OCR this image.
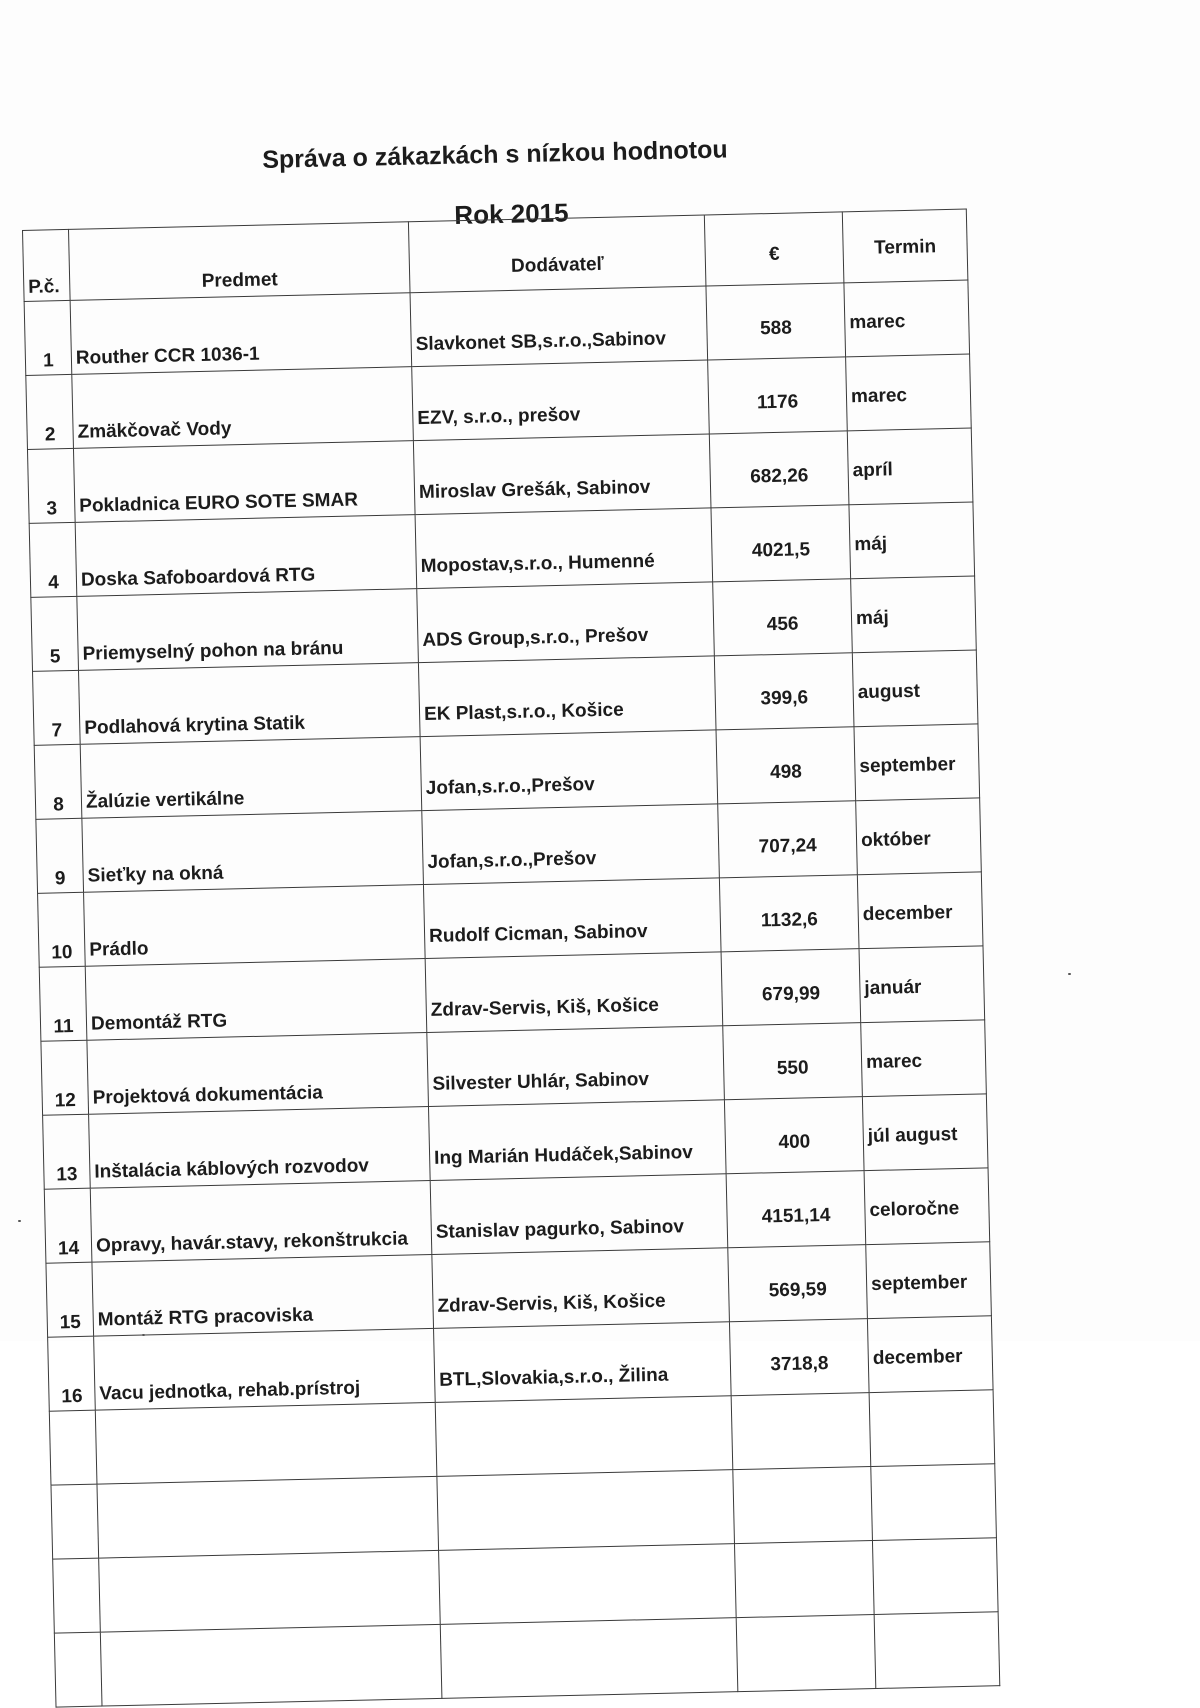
Správa o zákazkách s nízkou hodnotou
Rok 2015
P.č.	Predmet	Dodávateľ	€	Termin
1	Routher CCR 1036-1	Slavkonet SB,s.r.o.,Sabinov	588	marec
2	Zmäkčovač Vody	EZV, s.r.o., prešov	1176	marec
3	Pokladnica EURO SOTE SMAR	Miroslav Grešák, Sabinov	682,26	apríl
4	Doska Safoboardová RTG	Mopostav,s.r.o., Humenné	4021,5	máj
5	Priemyselný pohon na bránu	ADS Group,s.r.o., Prešov	456	máj
7	Podlahová krytina Statik	EK Plast,s.r.o., Košice	399,6	august
8	Žalúzie vertikálne	Jofan,s.r.o.,Prešov	498	september
9	Sieťky na okná	Jofan,s.r.o.,Prešov	707,24	október
10	Prádlo	Rudolf Cicman, Sabinov	1132,6	december
11	Demontáž RTG	Zdrav-Servis, Kiš, Košice	679,99	január
12	Projektová dokumentácia	Silvester Uhlár, Sabinov	550	marec
13	Inštalácia káblových rozvodov	Ing Marián Hudáček,Sabinov	400	júl august
14	Opravy, havár.stavy, rekonštrukcia	Stanislav pagurko, Sabinov	4151,14	celoročne
15	Montáž RTG pracoviska	Zdrav-Servis, Kiš, Košice	569,59	september
16	Vacu jednotka, rehab.prístroj	BTL,Slovakia,s.r.o., Žilina	3718,8	december
